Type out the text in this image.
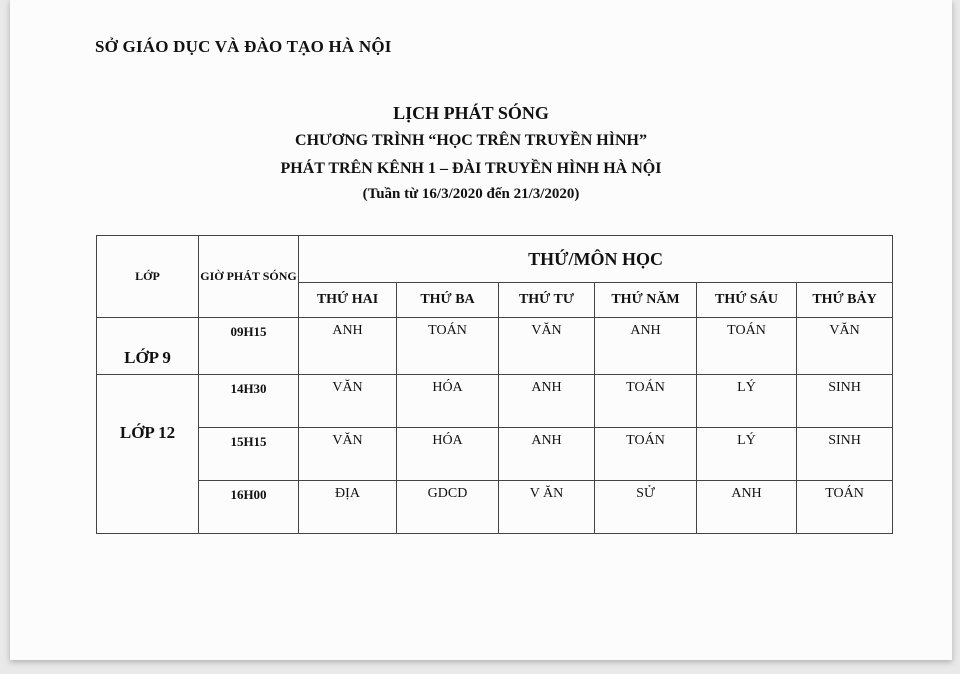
SỞ GIÁO DỤC VÀ ĐÀO TẠO HÀ NỘI
LỊCH PHÁT SÓNG
CHƯƠNG TRÌNH “HỌC TRÊN TRUYỀN HÌNH”
PHÁT TRÊN KÊNH 1 – ĐÀI TRUYỀN HÌNH HÀ NỘI
(Tuần từ 16/3/2020 đến 21/3/2020)
LỚP	GIỜ PHÁT SÓNG	THỨ/MÔN HỌC					
		THỨ HAI	THỨ BA	THỨ TƯ	THỨ NĂM	THỨ SÁU	THỨ BẢY
LỚP 9	09H15	ANH	TOÁN	VĂN	ANH	TOÁN	VĂN
LỚP 12	14H30	VĂN	HÓA	ANH	TOÁN	LÝ	SINH
	15H15	VĂN	HÓA	ANH	TOÁN	LÝ	SINH
	16H00	ĐỊA	GDCD	V ĂN	SỬ	ANH	TOÁN
